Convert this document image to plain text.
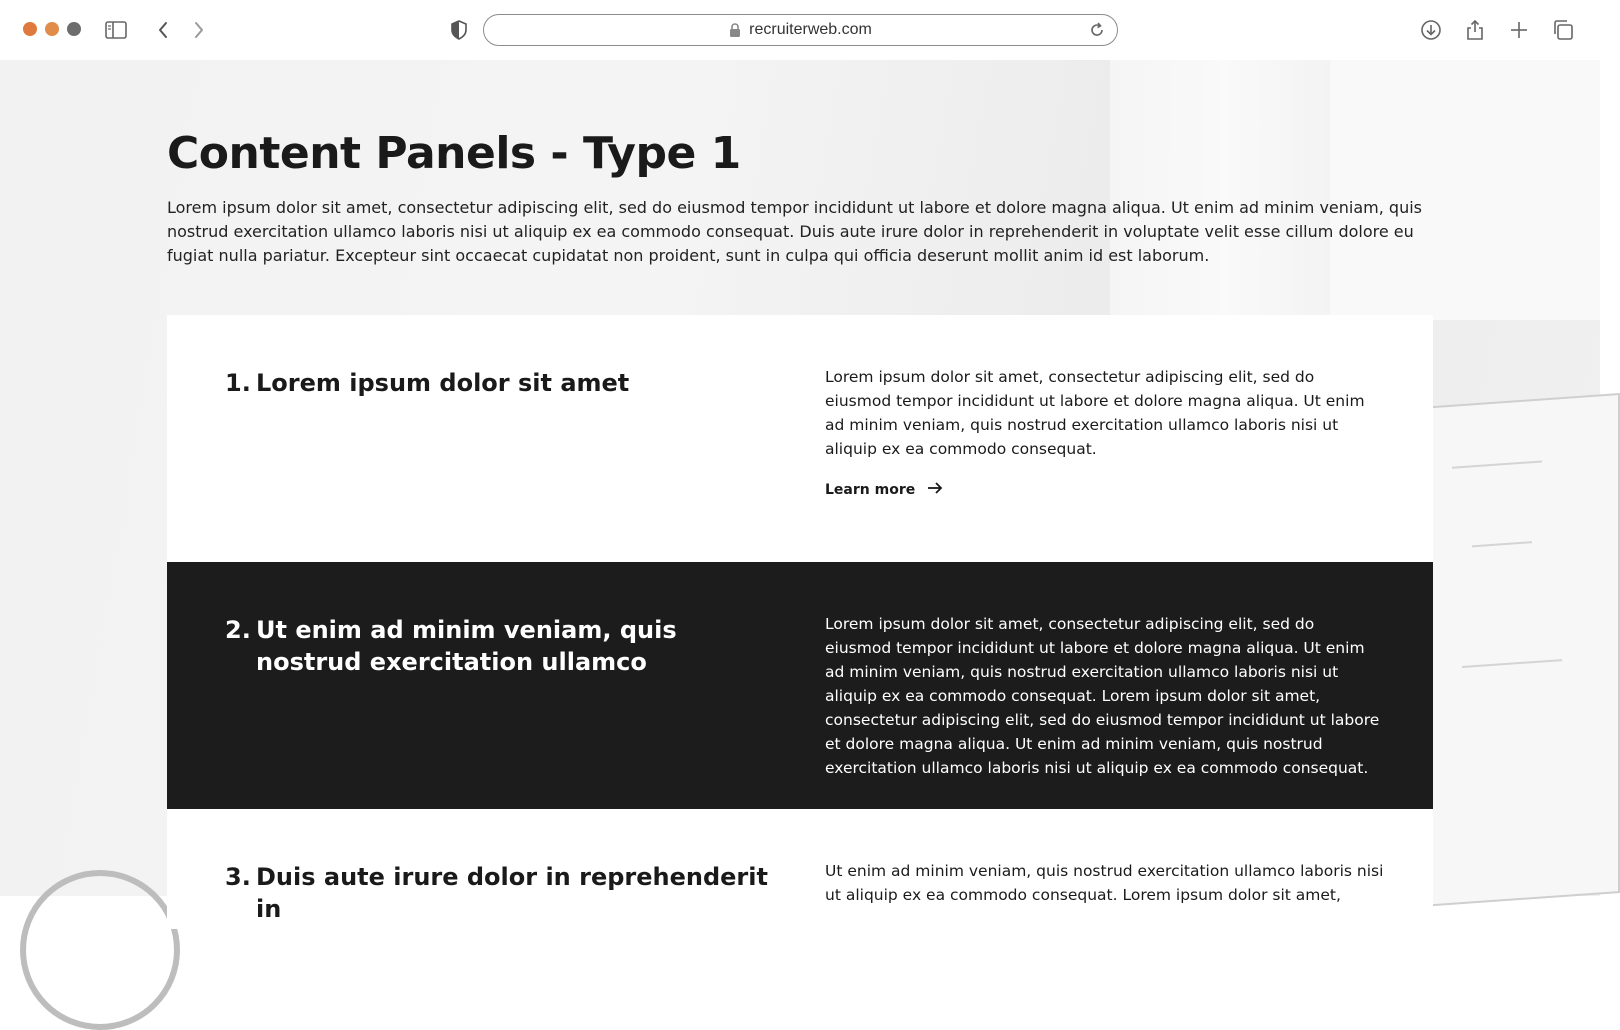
recruiterweb.com
Content Panels - Type 1

Lorem ipsum dolor sit amet, consectetur adipiscing elit, sed do eiusmod tempor incididunt ut labore et dolore magna aliqua. Ut enim ad minim veniam, quis nostrud exercitation ullamco laboris nisi ut aliquip ex ea commodo consequat. Duis aute irure dolor in reprehenderit in voluptate velit esse cillum dolore eu fugiat nulla pariatur. Excepteur sint occaecat cupidatat non proident, sunt in culpa qui officia deserunt mollit anim id est laborum.

1. Lorem ipsum dolor sit amet	Lorem ipsum dolor sit amet, consectetur adipiscing elit, sed do eiusmod tempor incididunt ut labore et dolore magna aliqua. Ut enim ad minim veniam, quis nostrud exercitation ullamco laboris nisi ut aliquip ex ea commodo consequat.

Learn more
2. Ut enim ad minim veniam, quis nostrud exercitation ullamco

Lorem ipsum dolor sit amet, consectetur adipiscing elit, sed do eiusmod tempor incididunt ut labore et dolore magna aliqua. Ut enim ad minim veniam, quis nostrud exercitation ullamco laboris nisi ut aliquip ex ea commodo consequat. Lorem ipsum dolor sit amet, consectetur adipiscing elit, sed do eiusmod tempor incididunt ut labore et dolore magna aliqua. Ut enim ad minim veniam, quis nostrud exercitation ullamco laboris nisi ut aliquip ex ea commodo consequat.

3. Duis aute irure dolor in reprehenderit in

Ut enim ad minim veniam, quis nostrud exercitation ullamco laboris nisi ut aliquip ex ea commodo consequat. Lorem ipsum dolor sit amet,
